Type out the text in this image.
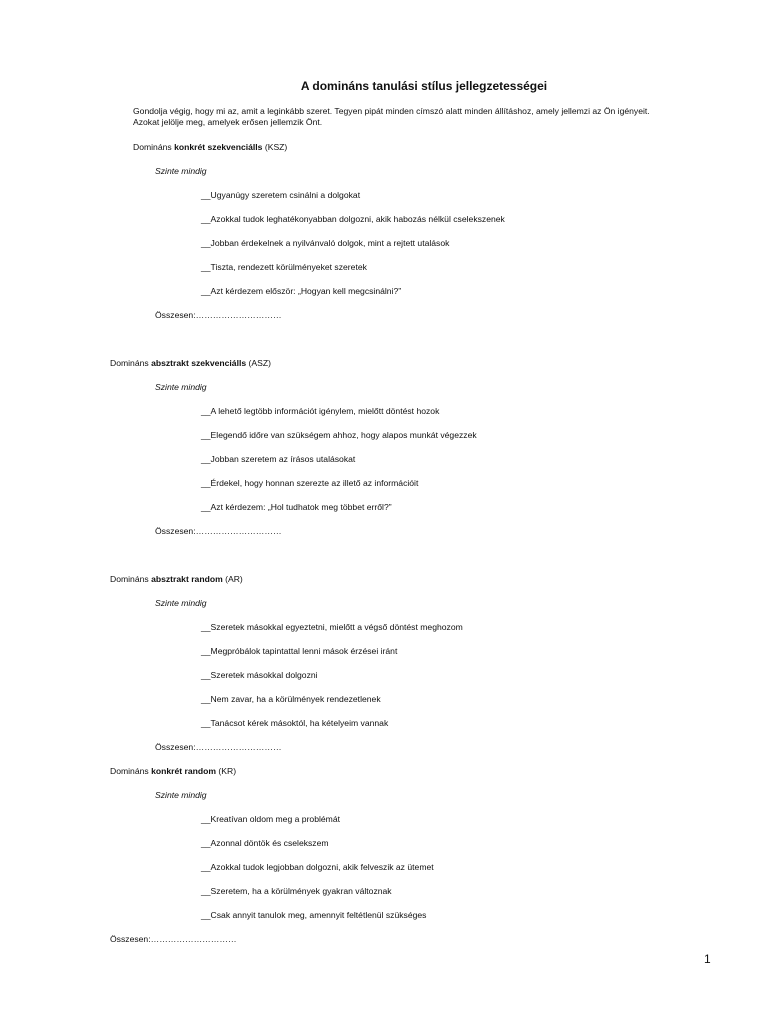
A domináns tanulási stílus jellegzetességei

Gondolja végig, hogy mi az, amit a leginkább szeret. Tegyen pipát minden címszó alatt minden állításhoz, amely jellemzi az Ön igényeit.

Azokat jelölje meg, amelyek erősen jellemzik Önt.

Domináns konkrét szekvenciálls (KSZ)
Szinte mindig
__Ugyanúgy szeretem csinálni a dolgokat
__Azokkal tudok leghatékonyabban dolgozni, akik habozás nélkül cselekszenek
__Jobban érdekelnek a nyilvánvaló dolgok, mint a rejtett utalások
__Tiszta, rendezett körülményeket szeretek
__Azt kérdezem először: „Hogyan kell megcsinálni?”
Összesen:…………………………
Domináns absztrakt szekvenciálls (ASZ)
Szinte mindig
__A lehető legtöbb információt igénylem, mielőtt döntést hozok
__Elegendő időre van szükségem ahhoz, hogy alapos munkát végezzek
__Jobban szeretem az írásos utalásokat
__Érdekel, hogy honnan szerezte az illető az információit
__Azt kérdezem: „Hol tudhatok meg többet erről?”
Összesen:…………………………
Domináns absztrakt random (AR)
Szinte mindig
__Szeretek másokkal egyeztetni, mielőtt a végső döntést meghozom
__Megpróbálok tapintattal lenni mások érzései iránt
__Szeretek másokkal dolgozni
__Nem zavar, ha a körülmények rendezetlenek
__Tanácsot kérek másoktól, ha kételyeim vannak
Összesen:…………………………
Domináns konkrét random (KR)
Szinte mindig
__Kreatívan oldom meg a problémát
__Azonnal döntök és cselekszem
__Azokkal tudok legjobban dolgozni, akik felveszik az ütemet
__Szeretem, ha a körülmények gyakran változnak
__Csak annyit tanulok meg, amennyit feltétlenül szükséges
Összesen:…………………………
1
